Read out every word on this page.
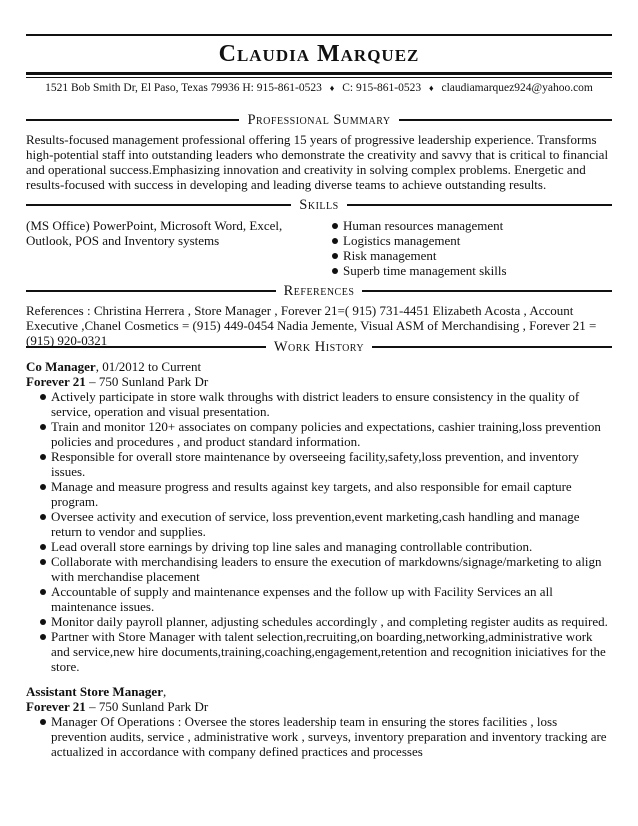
Claudia Marquez
1521 Bob Smith Dr, El Paso, Texas 79936 H: 915-861-0523 ♦ C: 915-861-0523 ♦ claudiamarquez924@yahoo.com
Professional Summary
Results-focused management professional offering 15 years of progressive leadership experience. Transforms high-potential staff into outstanding leaders who demonstrate the creativity and savvy that is critical to financial and operational success.Emphasizing innovation and creativity in solving complex problems. Energetic and results-focused with success in developing and leading diverse teams to achieve outstanding results.
Skills
(MS Office) PowerPoint, Microsoft Word, Excel, Outlook, POS and Inventory systems
Human resources management
Logistics management
Risk management
Superb time management skills
References
References : Christina Herrera , Store Manager , Forever 21=( 915) 731-4451 Elizabeth Acosta , Account Executive ,Chanel Cosmetics = (915) 449-0454 Nadia Jemente, Visual ASM of Merchandising , Forever 21 =(915) 920-0321	Work History
Co Manager, 01/2012 to Current
Forever 21 – 750 Sunland Park Dr
Actively participate in store walk throughs with district leaders to ensure consistency in the quality of service, operation and visual presentation.
Train and monitor 120+ associates on company policies and expectations, cashier training,loss prevention policies and procedures , and product standard information.
Responsible for overall store maintenance by overseeing facility,safety,loss prevention, and inventory issues.
Manage and measure progress and results against key targets, and also responsible for email capture program.
Oversee activity and execution of service, loss prevention,event marketing,cash handling and manage return to vendor and supplies.
Lead overall store earnings by driving top line sales and managing controllable contribution.
Collaborate with merchandising leaders to ensure the execution of markdowns/signage/marketing to align with merchandise placement
Accountable of supply and maintenance expenses and the follow up with Facility Services an all maintenance issues.
Monitor daily payroll planner, adjusting schedules accordingly , and completing register audits as required.
Partner with Store Manager with talent selection,recruiting,on boarding,networking,administrative work and service,new hire documents,training,coaching,engagement,retention and recognition iniciatives for the store.
Assistant Store Manager,
Forever 21 – 750 Sunland Park Dr
Manager Of Operations : Oversee the stores leadership team in ensuring the stores facilities , loss prevention audits, service , administrative work , surveys, inventory preparation and inventory tracking are actualized in accordance with company defined practices and processes
